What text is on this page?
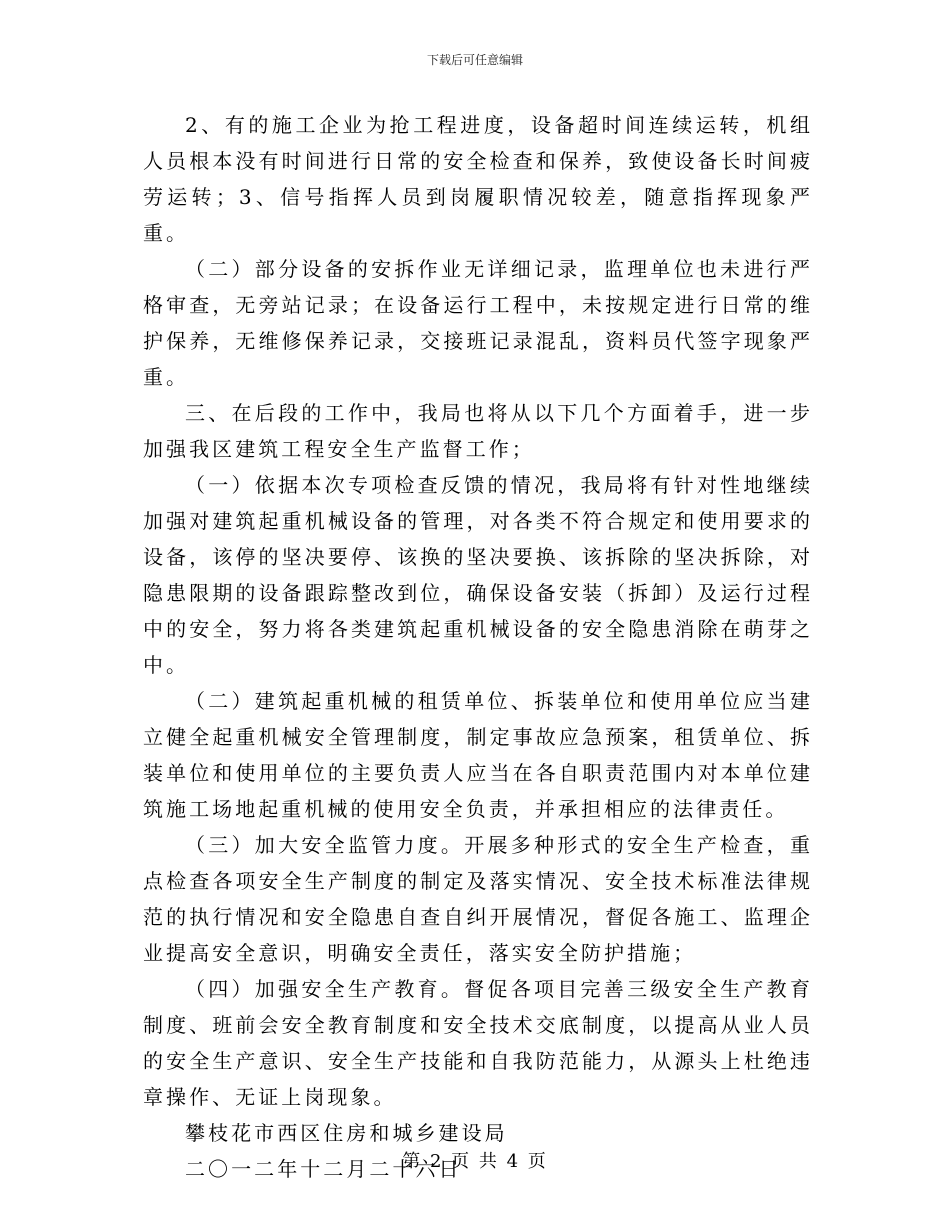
下载后可任意编辑

2、有的施工企业为抢工程进度，设备超时间连续运转，机组人员根本没有时间进行日常的安全检查和保养，致使设备长时间疲劳运转；3、信号指挥人员到岗履职情况较差，随意指挥现象严重。

（二）部分设备的安拆作业无详细记录，监理单位也未进行严格审查，无旁站记录；在设备运行工程中，未按规定进行日常的维护保养，无维修保养记录，交接班记录混乱，资料员代签字现象严重。

三、在后段的工作中，我局也将从以下几个方面着手，进一步加强我区建筑工程安全生产监督工作；

（一）依据本次专项检查反馈的情况，我局将有针对性地继续加强对建筑起重机械设备的管理，对各类不符合规定和使用要求的设备，该停的坚决要停、该换的坚决要换、该拆除的坚决拆除，对隐患限期的设备跟踪整改到位，确保设备安装（拆卸）及运行过程中的安全，努力将各类建筑起重机械设备的安全隐患消除在萌芽之中。

（二）建筑起重机械的租赁单位、拆装单位和使用单位应当建立健全起重机械安全管理制度，制定事故应急预案，租赁单位、拆装单位和使用单位的主要负责人应当在各自职责范围内对本单位建筑施工场地起重机械的使用安全负责，并承担相应的法律责任。

（三）加大安全监管力度。开展多种形式的安全生产检查，重点检查各项安全生产制度的制定及落实情况、安全技术标准法律规范的执行情况和安全隐患自查自纠开展情况，督促各施工、监理企业提高安全意识，明确安全责任，落实安全防护措施；

（四）加强安全生产教育。督促各项目完善三级安全生产教育制度、班前会安全教育制度和安全技术交底制度，以提高从业人员的安全生产意识、安全生产技能和自我防范能力，从源头上杜绝违章操作、无证上岗现象。

攀枝花市西区住房和城乡建设局

二〇一二年十二月二十六日

第 2 页 共 4 页
